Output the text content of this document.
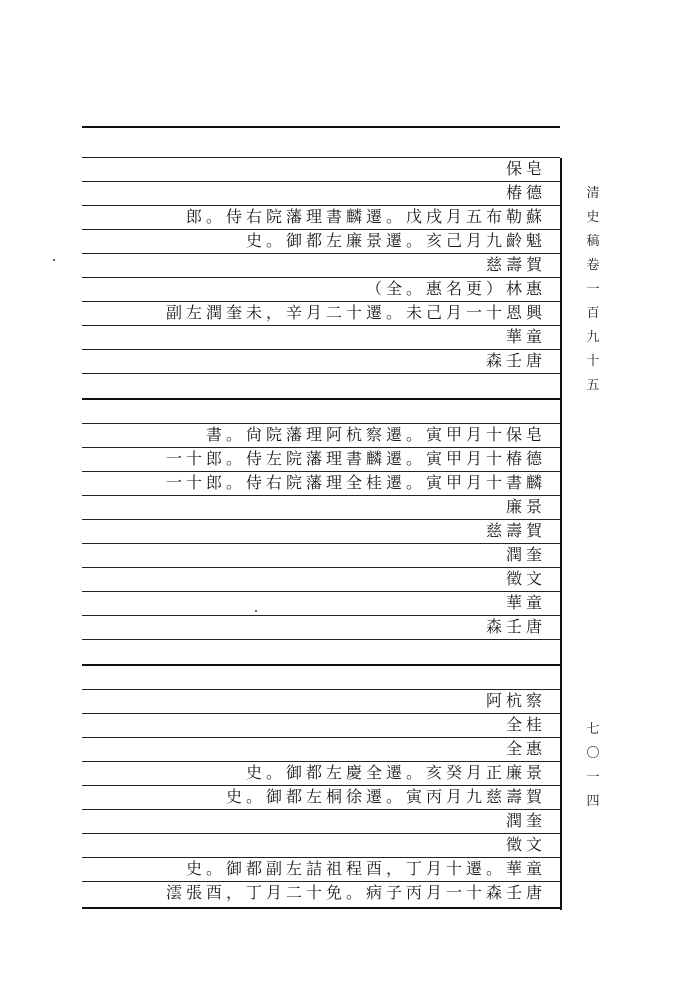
保皂
椿德
郎。侍右院藩理書麟遷。戊戌月五布勒蘇
史。御都左廉景遷。亥己月九齡魁
慈壽賀
（全。惠名更）林惠
副左潤奎未，辛月二十遷。未己月一十恩興
華童
森壬唐
書。尙院藩理阿杭察遷。寅甲月十保皂
一十郎。侍左院藩理書麟遷。寅甲月十椿德
一十郎。侍右院藩理全桂遷。寅甲月十書麟
廉景
慈壽賀
潤奎
徵文
華童
森壬唐
阿杭察
全桂
全惠
史。御都左慶全遷。亥癸月正廉景
史。御都左桐徐遷。寅丙月九慈壽賀
潤奎
徵文
史。御都副左詰祖程酉，丁月十遷。華童
澐張酉，丁月二十免。病子丙月一十森壬唐
清史稿卷一百九十五
七〇一四
